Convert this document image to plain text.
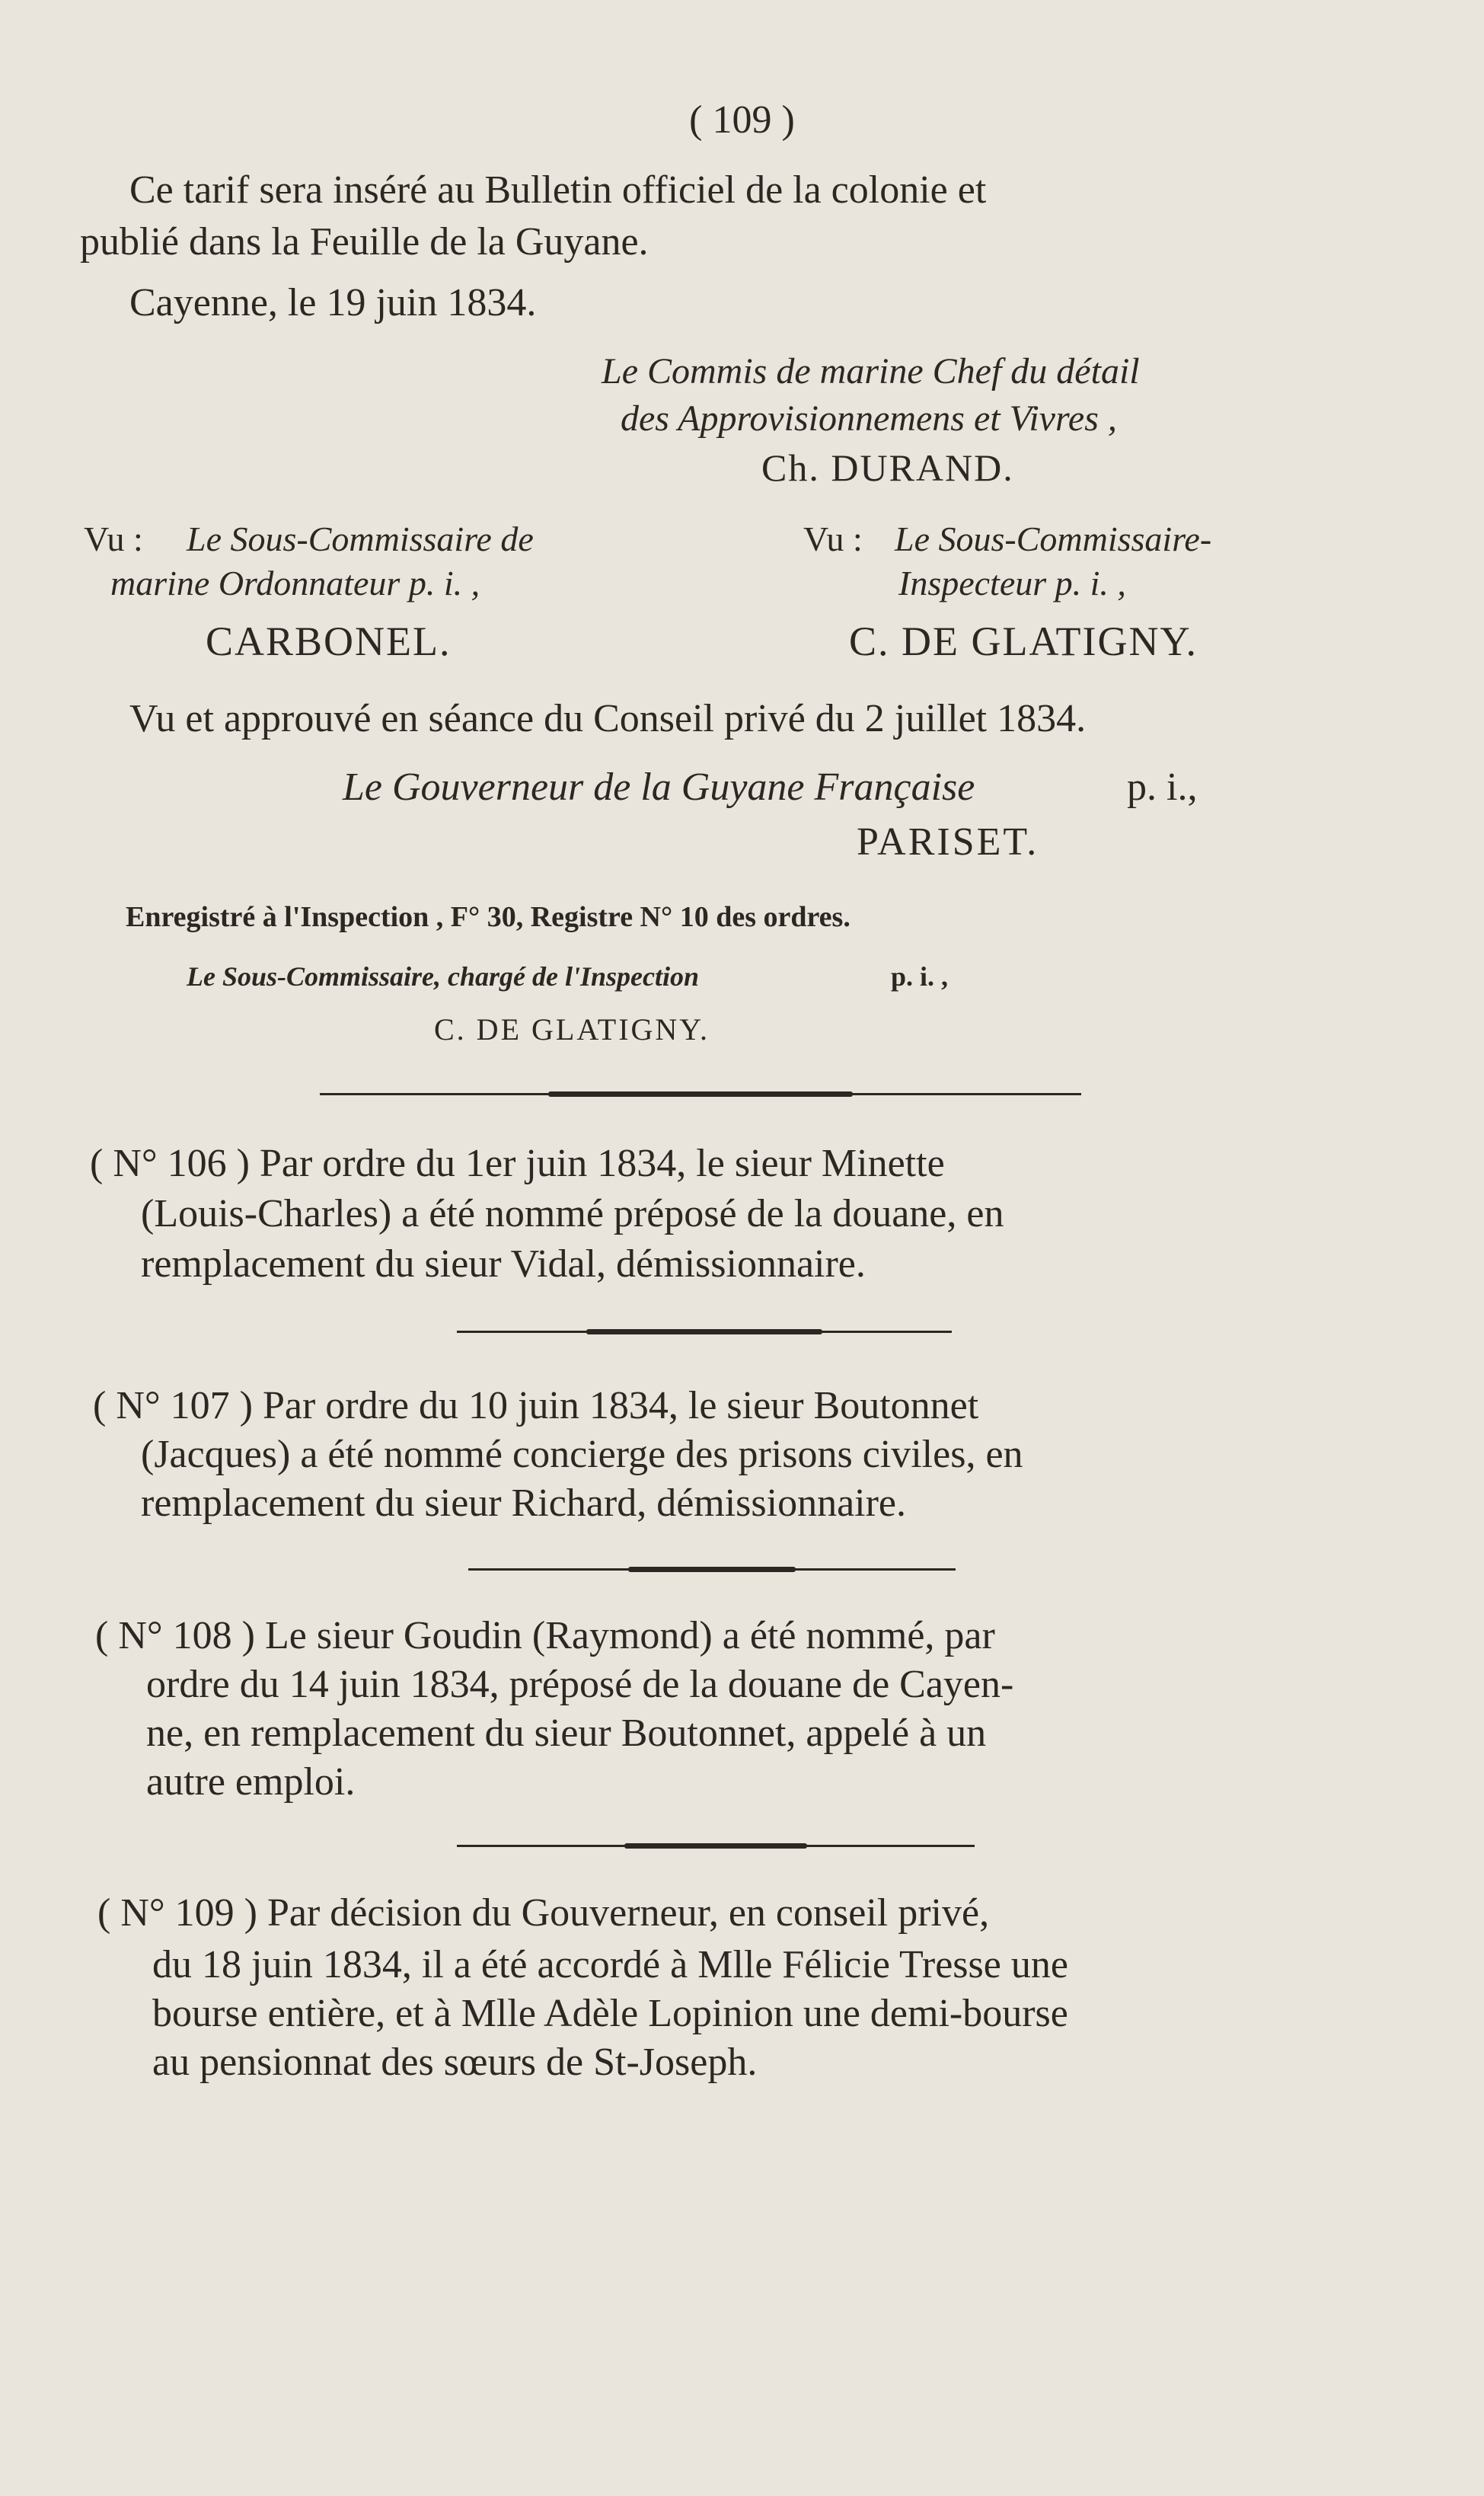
( 109 )
Ce tarif sera inséré au Bulletin officiel de la colonie et
publié dans la Feuille de la Guyane.
Cayenne, le 19 juin 1834.
Le Commis de marine Chef du détail
des Approvisionnemens et Vivres ,
Ch. DURAND.
Vu : Le Sous-Commissaire de
marine Ordonnateur p. i. ,
CARBONEL.
Vu : Le Sous-Commissaire-
Inspecteur p. i. ,
C. DE GLATIGNY.
Vu et approuvé en séance du Conseil privé du 2 juillet 1834.
Le Gouverneur de la Guyane Française	p. i.,
PARISET.
Enregistré à l'Inspection , F° 30, Registre N° 10 des ordres.
Le Sous-Commissaire, chargé de l'Inspection	p. i. ,
C. DE GLATIGNY.
( N° 106 ) Par ordre du 1er juin 1834, le sieur Minette
(Louis-Charles) a été nommé préposé de la douane, en
remplacement du sieur Vidal, démissionnaire.
( N° 107 ) Par ordre du 10 juin 1834, le sieur Boutonnet
(Jacques) a été nommé concierge des prisons civiles, en
remplacement du sieur Richard, démissionnaire.
( N° 108 ) Le sieur Goudin (Raymond) a été nommé, par
ordre du 14 juin 1834, préposé de la douane de Cayen-
ne, en remplacement du sieur Boutonnet, appelé à un
autre emploi.
( N° 109 ) Par décision du Gouverneur, en conseil privé,
du 18 juin 1834, il a été accordé à Mlle Félicie Tresse une
bourse entière, et à Mlle Adèle Lopinion une demi-bourse
au pensionnat des sœurs de St-Joseph.
